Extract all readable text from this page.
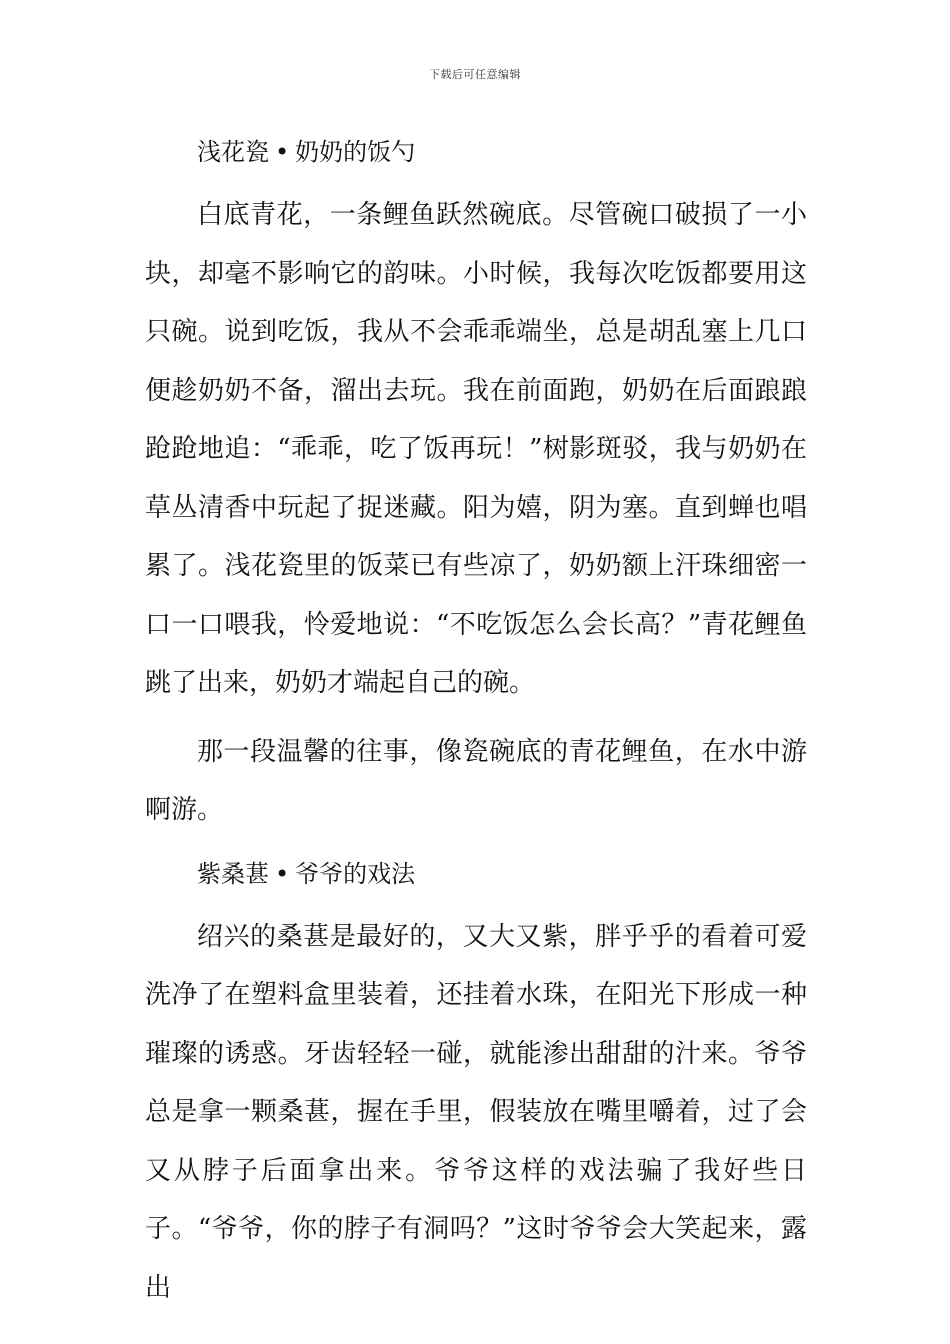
下载后可任意编辑
浅花瓷 • 奶奶的饭勺

白底青花，一条鲤鱼跃然碗底。尽管碗口破损了一小块，却毫不影响它的韵味。小时候，我每次吃饭都要用这只碗。说到吃饭，我从不会乖乖端坐，总是胡乱塞上几口便趁奶奶不备，溜出去玩。我在前面跑，奶奶在后面踉踉跄跄地追：“乖乖，吃了饭再玩！”树影斑驳，我与奶奶在草丛清香中玩起了捉迷藏。阳为嬉，阴为塞。直到蝉也唱累了。浅花瓷里的饭菜已有些凉了，奶奶额上汗珠细密一口一口喂我，怜爱地说：“不吃饭怎么会长高？”青花鲤鱼跳了出来，奶奶才端起自己的碗。

那一段温馨的往事，像瓷碗底的青花鲤鱼，在水中游啊游。

紫桑葚 • 爷爷的戏法

绍兴的桑葚是最好的，又大又紫，胖乎乎的看着可爱洗净了在塑料盒里装着，还挂着水珠，在阳光下形成一种璀璨的诱惑。牙齿轻轻一碰，就能渗出甜甜的汁来。爷爷总是拿一颗桑葚，握在手里，假装放在嘴里嚼着，过了会又从脖子后面拿出来。爷爷这样的戏法骗了我好些日子。“爷爷，你的脖子有洞吗？”这时爷爷会大笑起来，露出
